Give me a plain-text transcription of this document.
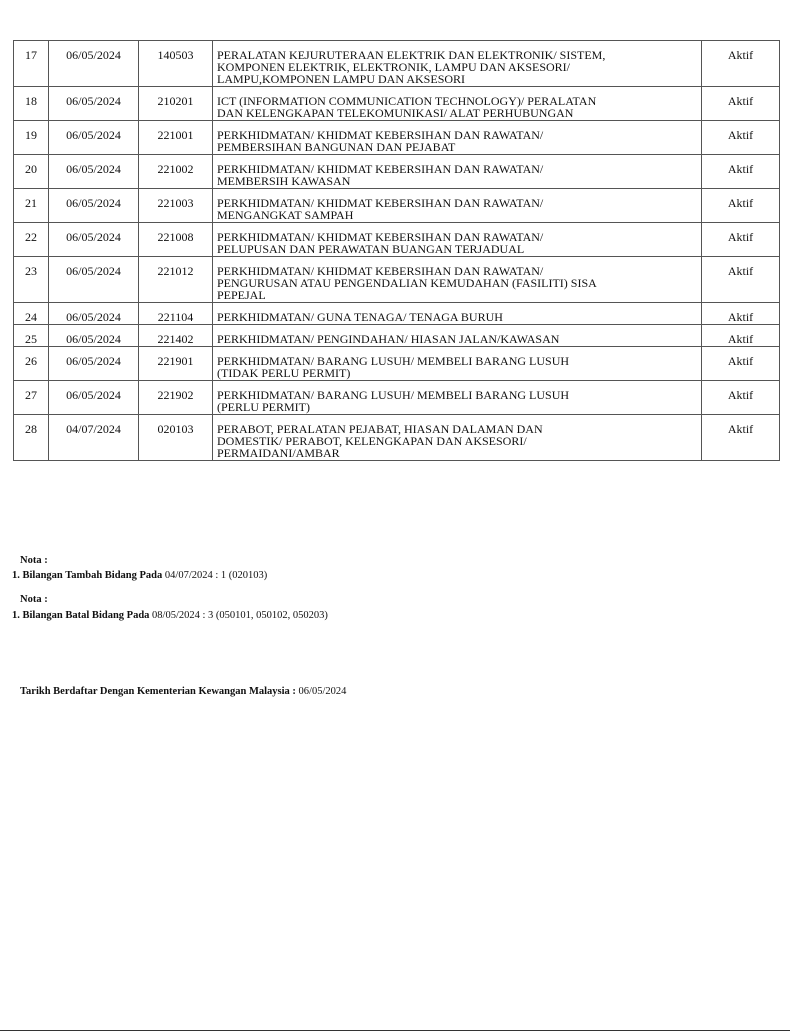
17	06/05/2024	140503	PERALATAN KEJURUTERAAN ELEKTRIK DAN ELEKTRONIK/ SISTEM,
KOMPONEN ELEKTRIK, ELEKTRONIK, LAMPU DAN AKSESORI/
LAMPU,KOMPONEN LAMPU DAN AKSESORI	Aktif
18	06/05/2024	210201	ICT (INFORMATION COMMUNICATION TECHNOLOGY)/ PERALATAN
DAN KELENGKAPAN TELEKOMUNIKASI/ ALAT PERHUBUNGAN	Aktif
19	06/05/2024	221001	PERKHIDMATAN/ KHIDMAT KEBERSIHAN DAN RAWATAN/
PEMBERSIHAN BANGUNAN DAN PEJABAT	Aktif
20	06/05/2024	221002	PERKHIDMATAN/ KHIDMAT KEBERSIHAN DAN RAWATAN/
MEMBERSIH KAWASAN	Aktif
21	06/05/2024	221003	PERKHIDMATAN/ KHIDMAT KEBERSIHAN DAN RAWATAN/
MENGANGKAT SAMPAH	Aktif
22	06/05/2024	221008	PERKHIDMATAN/ KHIDMAT KEBERSIHAN DAN RAWATAN/
PELUPUSAN DAN PERAWATAN BUANGAN TERJADUAL	Aktif
23	06/05/2024	221012	PERKHIDMATAN/ KHIDMAT KEBERSIHAN DAN RAWATAN/
PENGURUSAN ATAU PENGENDALIAN KEMUDAHAN (FASILITI) SISA
PEPEJAL	Aktif
24	06/05/2024	221104	PERKHIDMATAN/ GUNA TENAGA/ TENAGA BURUH	Aktif
25	06/05/2024	221402	PERKHIDMATAN/ PENGINDAHAN/ HIASAN JALAN/KAWASAN	Aktif
26	06/05/2024	221901	PERKHIDMATAN/ BARANG LUSUH/ MEMBELI BARANG LUSUH
(TIDAK PERLU PERMIT)	Aktif
27	06/05/2024	221902	PERKHIDMATAN/ BARANG LUSUH/ MEMBELI BARANG LUSUH
(PERLU PERMIT)	Aktif
28	04/07/2024	020103	PERABOT, PERALATAN PEJABAT, HIASAN DALAMAN DAN
DOMESTIK/ PERABOT, KELENGKAPAN DAN AKSESORI/
PERMAIDANI/AMBAR	Aktif
Nota :
1. Bilangan Tambah Bidang Pada 04/07/2024 : 1 (020103)
Nota :
1. Bilangan Batal Bidang Pada 08/05/2024 : 3 (050101, 050102, 050203)
Tarikh Berdaftar Dengan Kementerian Kewangan Malaysia : 06/05/2024
